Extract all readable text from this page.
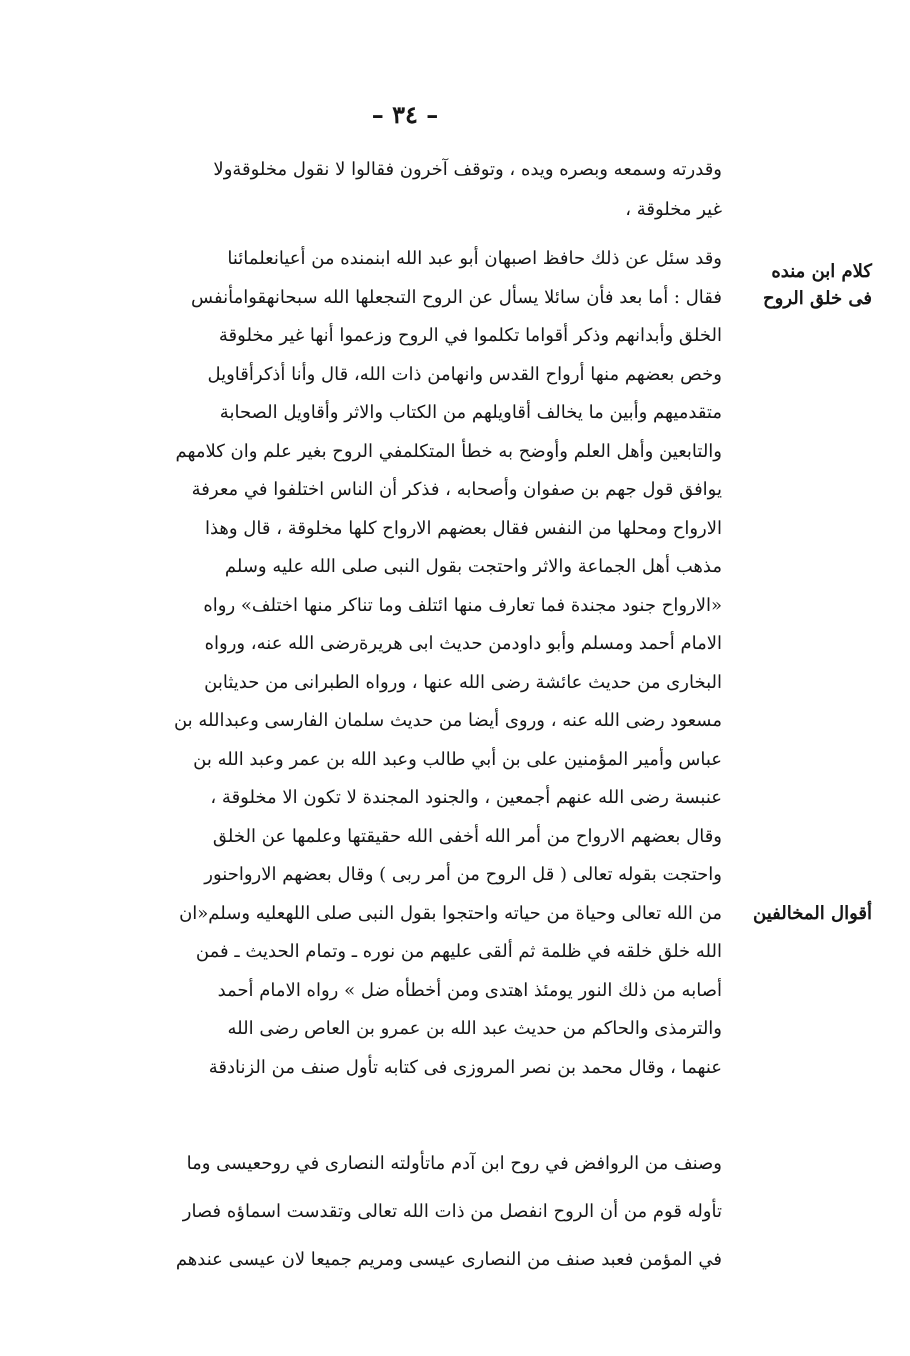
– ٣٤ –
كلام ابن منده
فى خلق الروح
أقوال المخالفين
وقدرته وسمعه وبصره ويده ، وتوقف آخرون فقالوا لا نقول مخلوقةولا
غير مخلوقة ،
وقد سئل عن ذلك حافظ اصبهان أبو عبد الله ابنمنده من أعيانعلمائنا
فقال : أما بعد فأن سائلا يسأل عن الروح التىجعلها الله سبحانهقوامأنفس
الخلق وأبدانهم وذكر أقواما تكلموا في الروح وزعموا أنها غير مخلوقة
وخص بعضهم منها أرواح القدس وانهامن ذات الله، قال وأنا أذكرأقاويل
متقدميهم وأبين ما يخالف أقاويلهم من الكتاب والاثر وأقاويل الصحابة
والتابعين وأهل العلم وأوضح به خطأ المتكلمفي الروح بغير علم وان كلامهم
يوافق قول جهم بن صفوان وأصحابه ، فذكر أن الناس اختلفوا في معرفة
الارواح ومحلها من النفس فقال بعضهم الارواح كلها مخلوقة ، قال وهذا
مذهب أهل الجماعة والاثر واحتجت بقول النبى صلى الله عليه وسلم
«الارواح جنود مجندة فما تعارف منها ائتلف وما تناكر منها اختلف» رواه
الامام أحمد ومسلم وأبو داودمن حديث ابى هريرةرضى الله عنه، ورواه
البخارى من حديث عائشة رضى الله عنها ، ورواه الطبرانى من حديثابن
مسعود رضى الله عنه ، وروى أيضا من حديث سلمان الفارسى وعبدالله بن
عباس وأمير المؤمنين على بن أبي طالب وعبد الله بن عمر وعبد الله بن
عنبسة رضى الله عنهم أجمعين ، والجنود المجندة لا تكون الا مخلوقة ،
وقال بعضهم الارواح من أمر الله أخفى الله حقيقتها وعلمها عن الخلق
واحتجت بقوله تعالى ( قل الروح من أمر ربى ) وقال بعضهم الارواحنور
من الله تعالى وحياة من حياته واحتجوا بقول النبى صلى اللهعليه وسلم«ان
الله خلق خلقه في ظلمة ثم ألقى عليهم من نوره ـ وتمام الحديث ـ فمن
أصابه من ذلك النور يومئذ اهتدى ومن أخطأه ضل » رواه الامام أحمد
والترمذى والحاكم من حديث عبد الله بن عمرو بن العاص رضى الله
عنهما ، وقال محمد بن نصر المروزى فى كتابه تأول صنف من الزنادقة
وصنف من الروافض في روح ابن آدم ماتأولته النصارى في روحعيسى وما
تأوله قوم من أن الروح انفصل من ذات الله تعالى وتقدست اسماؤه فصار
في المؤمن فعبد صنف من النصارى عيسى ومريم جميعا لان عيسى عندهم
